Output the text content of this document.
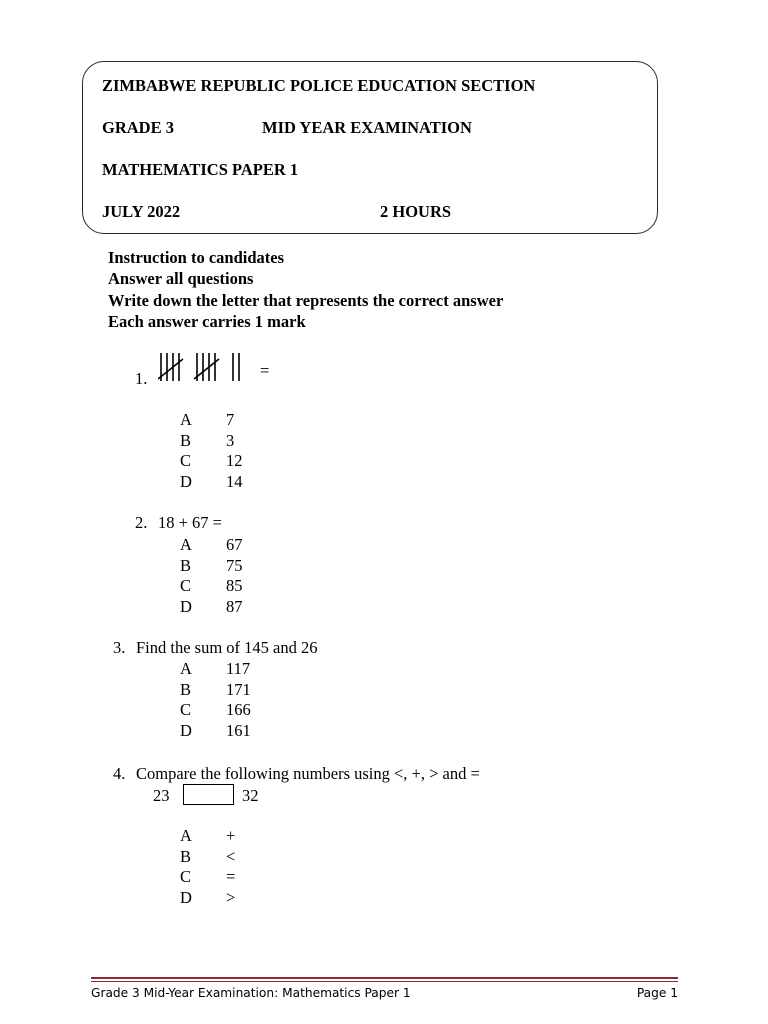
ZIMBABWE REPUBLIC POLICE EDUCATION SECTION
GRADE 3	MID YEAR EXAMINATION
MATHEMATICS PAPER 1
JULY 2022	2 HOURS
Instruction to candidates
Answer all questions
Write down the letter that represents the correct answer
Each answer carries 1 mark
1.	=
A	7
B	3
C	12
D	14
2. 18 + 67 =
A	67
B	75
C	85
D	87
3. Find the sum of 145 and 26
A	117
B	171
C	166
D	161
4. Compare the following numbers using <, +, > and =
23	32
A	+
B	<
C	=
D	>
Grade 3 Mid-Year Examination: Mathematics Paper 1	Page 1
